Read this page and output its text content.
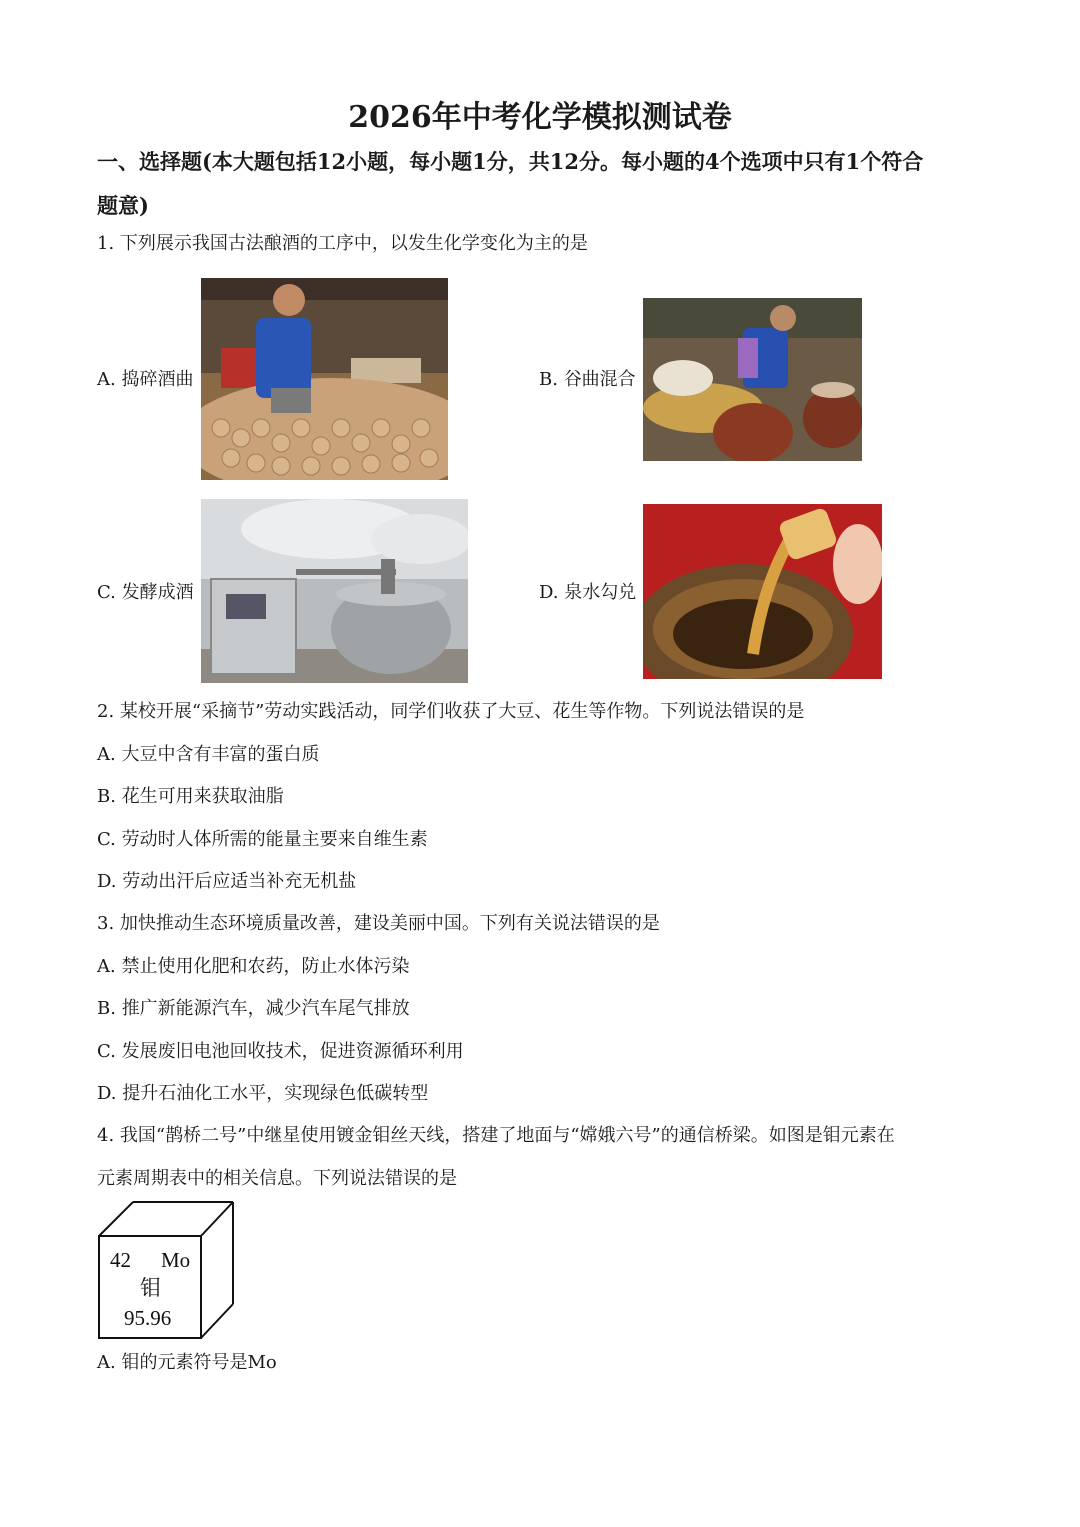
2026年中考化学模拟测试卷
一、选择题(本大题包括12小题，每小题1分，共12分。每小题的4个选项中只有1个符合
题意)
1. 下列展示我国古法酿酒的工序中，以发生化学变化为主的是
A. 捣碎酒曲	B. 谷曲混合
C. 发酵成酒	D. 泉水勾兑
2. 某校开展“采摘节”劳动实践活动，同学们收获了大豆、花生等作物。下列说法错误的是
A. 大豆中含有丰富的蛋白质
B. 花生可用来获取油脂
C. 劳动时人体所需的能量主要来自维生素
D. 劳动出汗后应适当补充无机盐
3. 加快推动生态环境质量改善，建设美丽中国。下列有关说法错误的是
A. 禁止使用化肥和农药，防止水体污染
B. 推广新能源汽车，减少汽车尾气排放
C. 发展废旧电池回收技术，促进资源循环利用
D. 提升石油化工水平，实现绿色低碳转型
4. 我国“鹊桥二号”中继星使用镀金钼丝天线，搭建了地面与“嫦娥六号”的通信桥梁。如图是钼元素在
元素周期表中的相关信息。下列说法错误的是
42 Mo
钼
95.96
A. 钼的元素符号是Mo
